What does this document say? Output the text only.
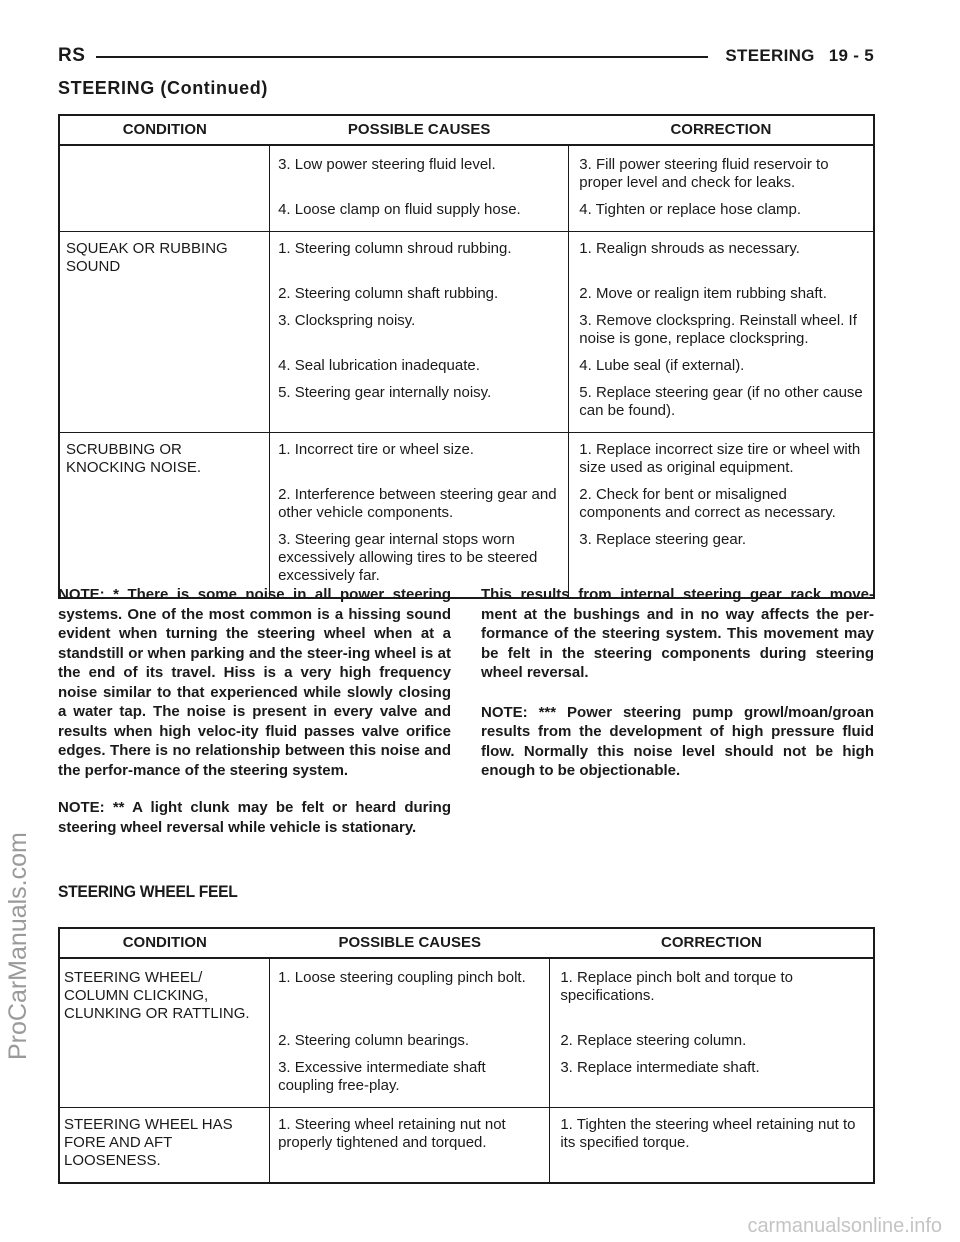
RS	STEERING 19 - 5
STEERING (Continued)
ProCarManuals.com
CONDITION	POSSIBLE CAUSES	CORRECTION
	3. Low power steering fluid level.	3. Fill power steering fluid reservoir to proper level and check for leaks.
	4. Loose clamp on fluid supply hose.	4. Tighten or replace hose clamp.
SQUEAK OR RUBBING SOUND	1. Steering column shroud rubbing.	1. Realign shrouds as necessary.
	2. Steering column shaft rubbing.	2. Move or realign item rubbing shaft.
	3. Clockspring noisy.	3. Remove clockspring. Reinstall wheel. If noise is gone, replace clockspring.
	4. Seal lubrication inadequate.	4. Lube seal (if external).
	5. Steering gear internally noisy.	5. Replace steering gear (if no other cause can be found).
SCRUBBING OR KNOCKING NOISE.	1. Incorrect tire or wheel size.	1. Replace incorrect size tire or wheel with size used as original equipment.
	2. Interference between steering gear and other vehicle components.	2. Check for bent or misaligned components and correct as necessary.
	3. Steering gear internal stops worn excessively allowing tires to be steered excessively far.	3. Replace steering gear.

NOTE: * There is some noise in all power steering systems. One of the most common is a hissing sound evident when turning the steering wheel when at a standstill or when parking and the steer-ing wheel is at the end of its travel. Hiss is a very high frequency noise similar to that experienced while slowly closing a water tap. The noise is present in every valve and results when high veloc-ity fluid passes valve orifice edges. There is no relationship between this noise and the perfor-mance of the steering system.

NOTE: ** A light clunk may be felt or heard during steering wheel reversal while vehicle is stationary.

This results from internal steering gear rack move-ment at the bushings and in no way affects the per-formance of the steering system. This movement may be felt in the steering components during steering wheel reversal.

NOTE: *** Power steering pump growl/moan/groan results from the development of high pressure fluid flow. Normally this noise level should not be high enough to be objectionable.

STEERING WHEEL FEEL
CONDITION	POSSIBLE CAUSES	CORRECTION
STEERING WHEEL/ COLUMN CLICKING, CLUNKING OR RATTLING.	1. Loose steering coupling pinch bolt.	1. Replace pinch bolt and torque to specifications.
	2. Steering column bearings.	2. Replace steering column.
	3. Excessive intermediate shaft coupling free-play.	3. Replace intermediate shaft.
STEERING WHEEL HAS FORE AND AFT LOOSENESS.	1. Steering wheel retaining nut not properly tightened and torqued.	1. Tighten the steering wheel retaining nut to its specified torque.
carmanualsonline.info
